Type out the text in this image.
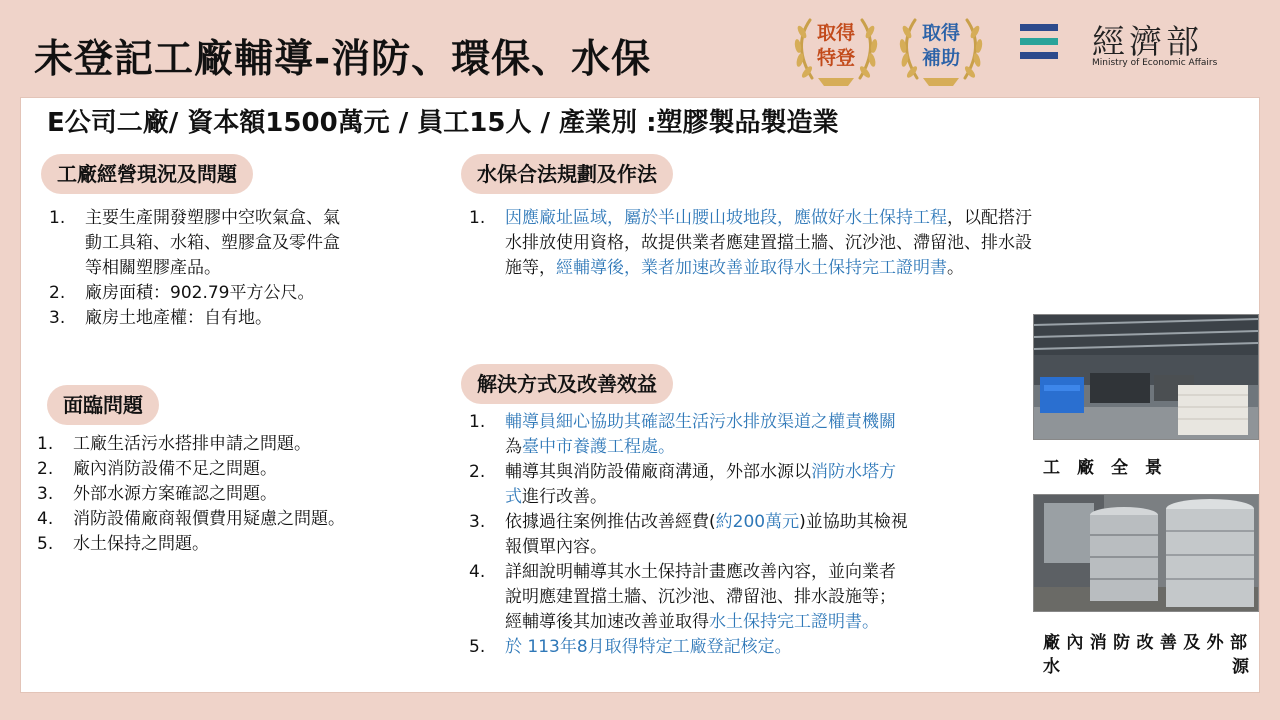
未登記工廠輔導-消防、環保、水保
取得
特登
取得
補助	經濟部
Ministry of Economic Affairs
E公司二廠/ 資本額1500萬元 / 員工15人 / 產業別 :塑膠製品製造業
工廠經營現況及問題
1. 主要生產開發塑膠中空吹氣盒、氣
動工具箱、水箱、塑膠盒及零件盒
等相關塑膠產品。
2. 廠房面積：902.79平方公尺。
3. 廠房土地產權：自有地。
面臨問題
1. 工廠生活污水搭排申請之問題。
2. 廠內消防設備不足之問題。
3. 外部水源方案確認之問題。
4. 消防設備廠商報價費用疑慮之問題。
5. 水土保持之問題。
水保合法規劃及作法
1. 因應廠址區域，屬於半山腰山坡地段，應做好水土保持工程，以配搭汙
水排放使用資格，故提供業者應建置擋土牆、沉沙池、滯留池、排水設
施等，經輔導後，業者加速改善並取得水土保持完工證明書。
解決方式及改善效益
1. 輔導員細心協助其確認生活污水排放渠道之權責機關
為臺中市養護工程處。
2. 輔導其與消防設備廠商溝通，外部水源以消防水塔方
式進行改善。
3. 依據過往案例推估改善經費(約200萬元)並協助其檢視
報價單內容。
4. 詳細說明輔導其水土保持計畫應改善內容，並向業者
說明應建置擋土牆、沉沙池、滯留池、排水設施等；
經輔導後其加速改善並取得水土保持完工證明書。
5. 於 113年8月取得特定工廠登記核定。
工　廠　全　景
廠內消防改善及外部
水	源
